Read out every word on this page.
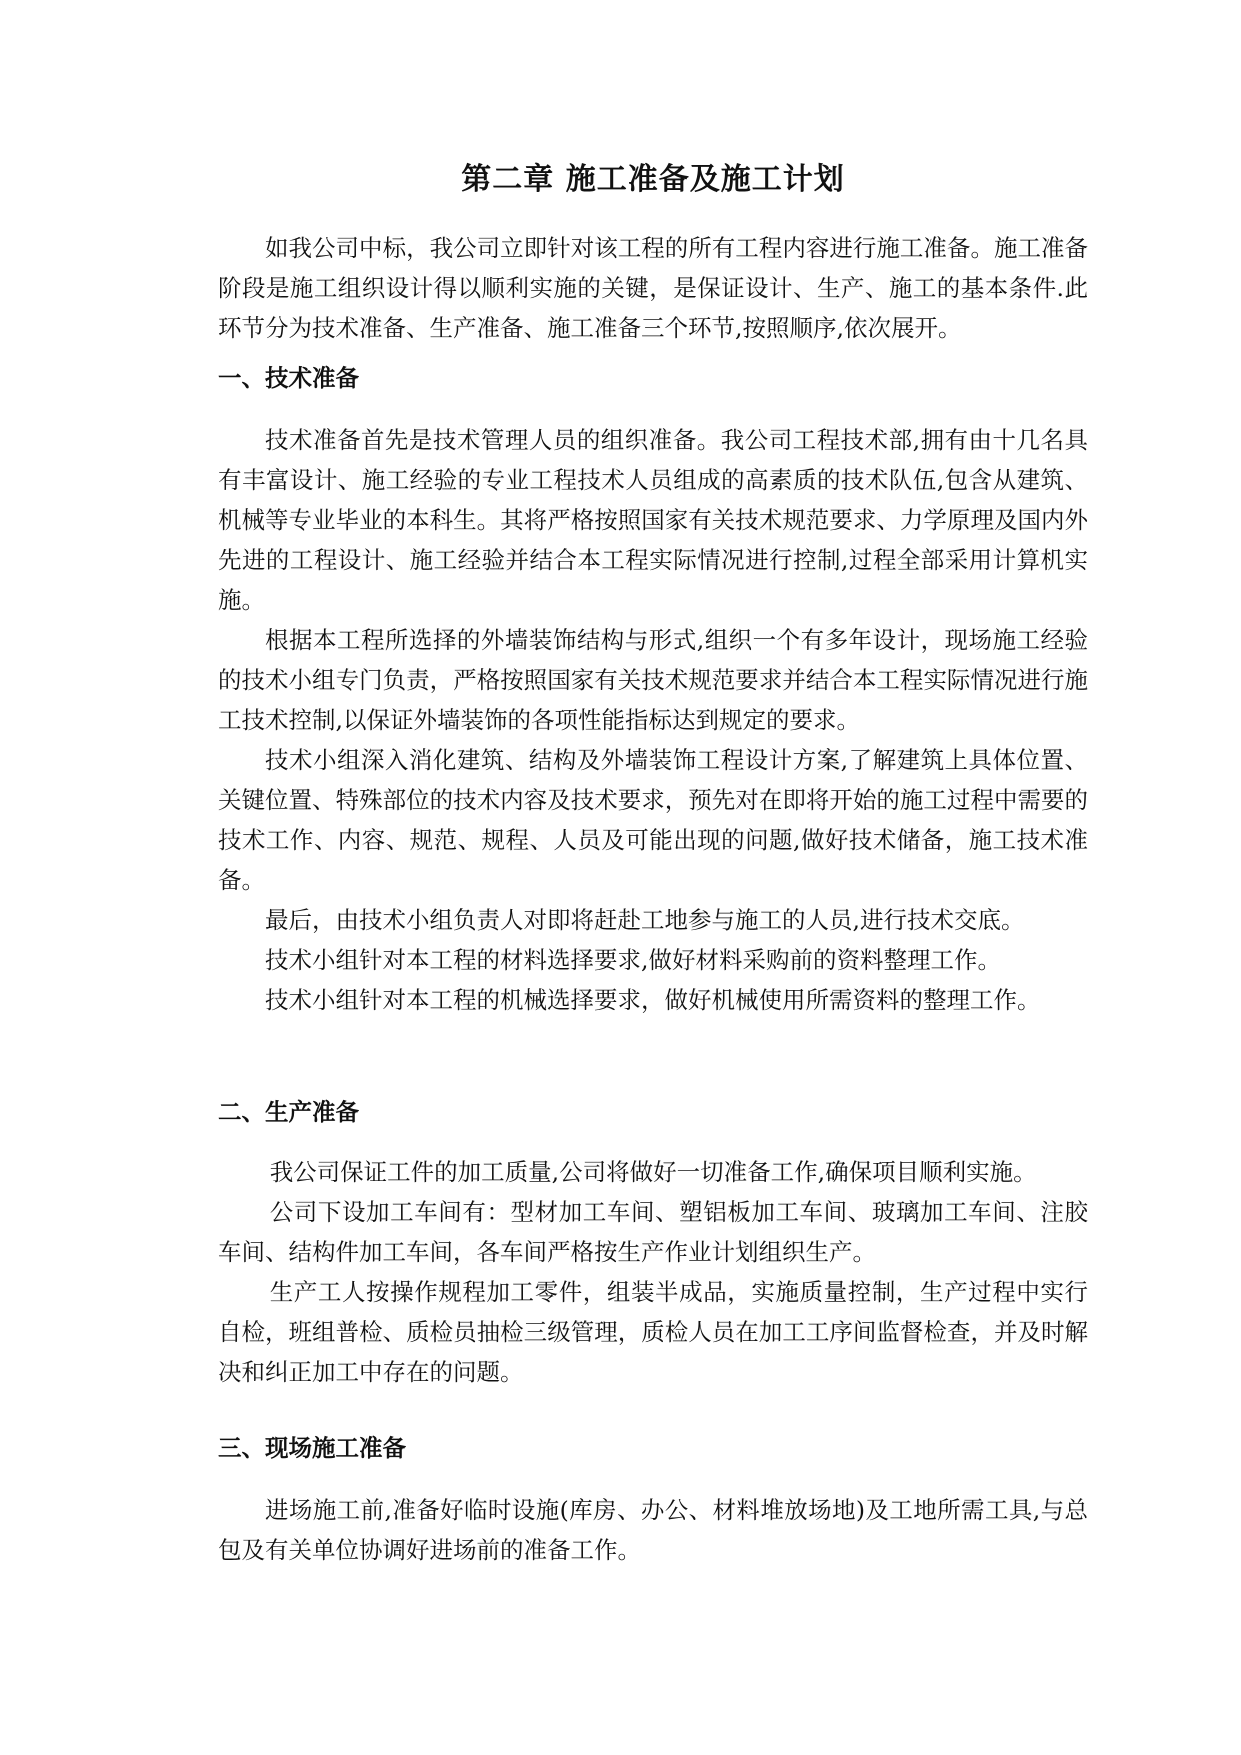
第二章 施工准备及施工计划

如我公司中标，我公司立即针对该工程的所有工程内容进行施工准备。施工准备阶段是施工组织设计得以顺利实施的关键，是保证设计、生产、施工的基本条件.此环节分为技术准备、生产准备、施工准备三个环节,按照顺序,依次展开。

一、技术准备

技术准备首先是技术管理人员的组织准备。我公司工程技术部,拥有由十几名具有丰富设计、施工经验的专业工程技术人员组成的高素质的技术队伍,包含从建筑、机械等专业毕业的本科生。其将严格按照国家有关技术规范要求、力学原理及国内外先进的工程设计、施工经验并结合本工程实际情况进行控制,过程全部采用计算机实施。

根据本工程所选择的外墙装饰结构与形式,组织一个有多年设计，现场施工经验的技术小组专门负责，严格按照国家有关技术规范要求并结合本工程实际情况进行施工技术控制,以保证外墙装饰的各项性能指标达到规定的要求。

技术小组深入消化建筑、结构及外墙装饰工程设计方案,了解建筑上具体位置、关键位置、特殊部位的技术内容及技术要求，预先对在即将开始的施工过程中需要的技术工作、内容、规范、规程、人员及可能出现的问题,做好技术储备，施工技术准备。

最后，由技术小组负责人对即将赶赴工地参与施工的人员,进行技术交底。

技术小组针对本工程的材料选择要求,做好材料采购前的资料整理工作。

技术小组针对本工程的机械选择要求，做好机械使用所需资料的整理工作。

二、生产准备

我公司保证工件的加工质量,公司将做好一切准备工作,确保项目顺利实施。

公司下设加工车间有：型材加工车间、塑铝板加工车间、玻璃加工车间、注胶车间、结构件加工车间，各车间严格按生产作业计划组织生产。

生产工人按操作规程加工零件，组装半成品，实施质量控制，生产过程中实行自检，班组普检、质检员抽检三级管理，质检人员在加工工序间监督检查，并及时解决和纠正加工中存在的问题。

三、现场施工准备

进场施工前,准备好临时设施(库房、办公、材料堆放场地)及工地所需工具,与总包及有关单位协调好进场前的准备工作。
